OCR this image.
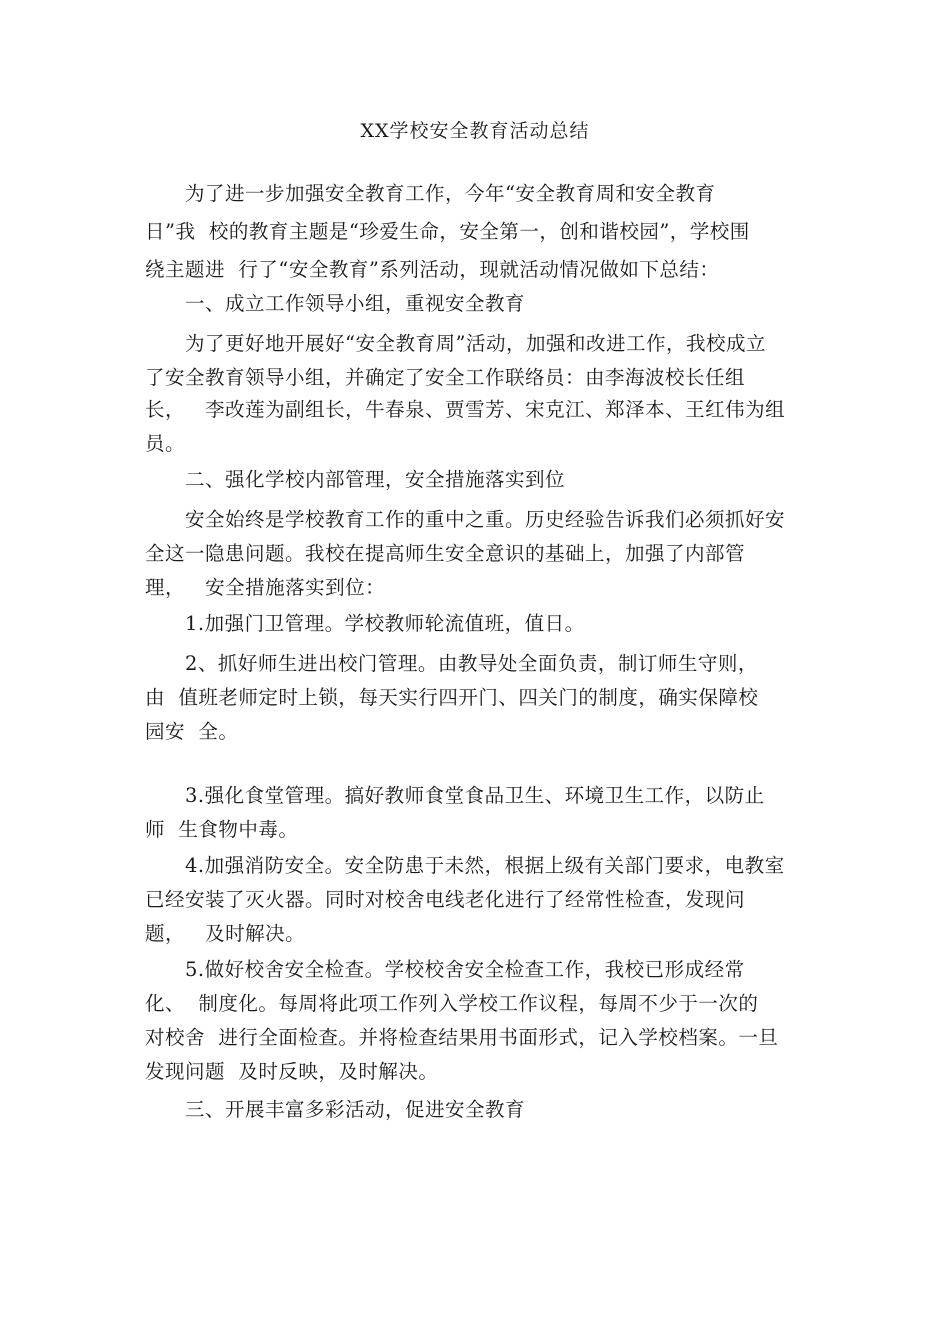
XX学校安全教育活动总结
　　为了进一步加强安全教育工作，今年“安全教育周和安全教育
日”我  校的教育主题是“珍爱生命，安全第一，创和谐校园”，学校围
绕主题进  行了“安全教育”系列活动，现就活动情况做如下总结：
　　一、成立工作领导小组，重视安全教育
　　为了更好地开展好“安全教育周”活动，加强和改进工作，我校成立
了安全教育领导小组，并确定了安全工作联络员：由李海波校长任组
长，   李改莲为副组长，牛春泉、贾雪芳、宋克江、郑泽本、王红伟为组
员。
　　二、强化学校内部管理，安全措施落实到位
　　安全始终是学校教育工作的重中之重。历史经验告诉我们必须抓好安
全这一隐患问题。我校在提高师生安全意识的基础上，加强了内部管
理，   安全措施落实到位：
　　1.加强门卫管理。学校教师轮流值班，值日。
　　2、抓好师生进出校门管理。由教导处全面负责，制订师生守则，
由  值班老师定时上锁，每天实行四开门、四关门的制度，确实保障校
园安  全。
　　3.强化食堂管理。搞好教师食堂食品卫生、环境卫生工作，以防止
师  生食物中毒。
　　4.加强消防安全。安全防患于未然，根据上级有关部门要求，电教室
已经安装了灭火器。同时对校舍电线老化进行了经常性检查，发现问
题，   及时解决。
　　5.做好校舍安全检查。学校校舍安全检查工作，我校已形成经常
化、  制度化。每周将此项工作列入学校工作议程，每周不少于一次的
对校舍  进行全面检查。并将检查结果用书面形式，记入学校档案。一旦
发现问题  及时反映，及时解决。
　　三、开展丰富多彩活动，促进安全教育
